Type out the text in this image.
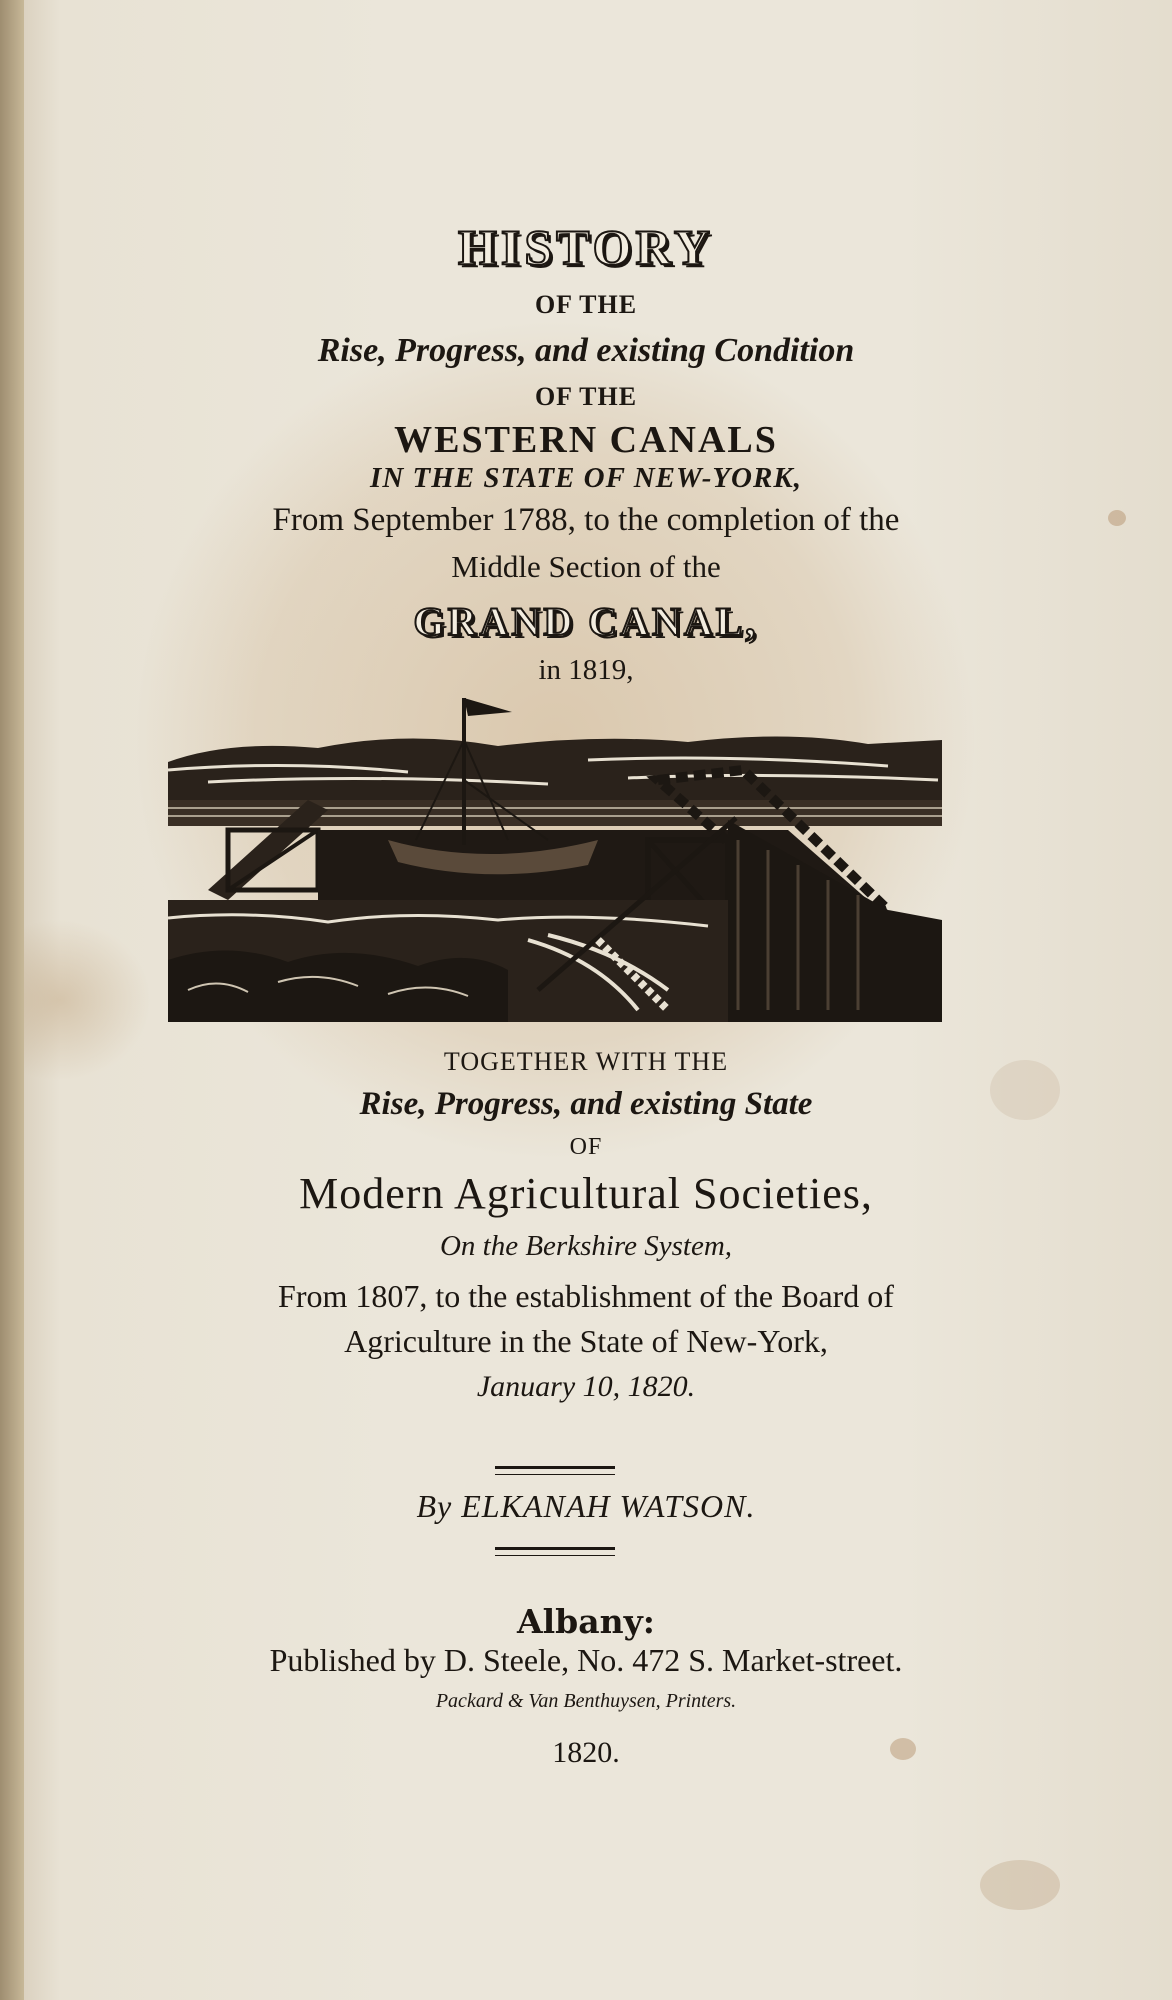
HISTORY

OF THE

Rise, Progress, and existing Condition

OF THE

WESTERN CANALS

IN THE STATE OF NEW-YORK,

From September 1788, to the completion of the

Middle Section of the

GRAND CANAL,

in 1819,

TOGETHER WITH THE

Rise, Progress, and existing State

OF

Modern Agricultural Societies,

On the Berkshire System,

From 1807, to the establishment of the Board of

Agriculture in the State of New-York,

January 10, 1820.

By ELKANAH WATSON.

Albany:

Published by D. Steele, No. 472 S. Market-street.

Packard & Van Benthuysen, Printers.

1820.
